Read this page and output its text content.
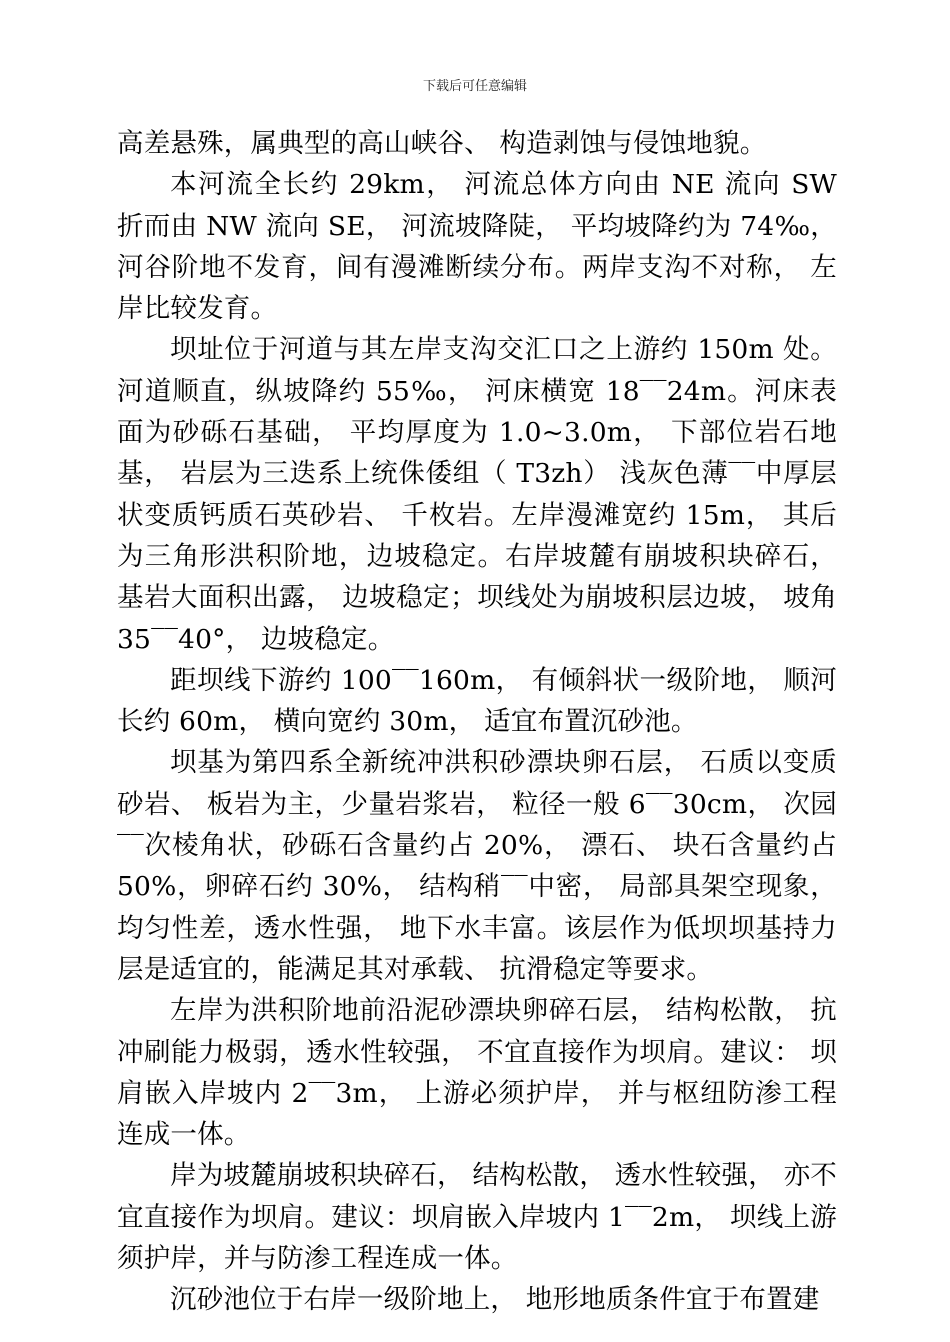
下载后可任意编辑

高差悬殊，属典型的高山峡谷、 构造剥蚀与侵蚀地貌。

本河流全长约 29km， 河流总体方向由 NE 流向 SW 折而由 NW 流向 SE， 河流坡降陡， 平均坡降约为 74‰， 河谷阶地不发育，间有漫滩断续分布。两岸支沟不对称， 左岸比较发育。

坝址位于河道与其左岸支沟交汇口之上游约 150m 处。河道顺直，纵坡降约 55‰， 河床横宽 18‾‾24m。河床表面为砂砾石基础， 平均厚度为 1.0~3.0m， 下部位岩石地基， 岩层为三迭系上统侏倭组（ T3zh） 浅灰色薄‾‾中厚层状变质钙质石英砂岩、 千枚岩。左岸漫滩宽约 15m， 其后为三角形洪积阶地，边坡稳定。右岸坡麓有崩坡积块碎石， 基岩大面积出露， 边坡稳定；坝线处为崩坡积层边坡， 坡角 35‾‾40°， 边坡稳定。

距坝线下游约 100‾‾160m， 有倾斜状一级阶地， 顺河长约 60m， 横向宽约 30m， 适宜布置沉砂池。

坝基为第四系全新统冲洪积砂漂块卵石层， 石质以变质砂岩、 板岩为主，少量岩浆岩， 粒径一般 6‾‾30cm， 次园‾‾次棱角状，砂砾石含量约占 20%， 漂石、 块石含量约占 50%，卵碎石约 30%， 结构稍‾‾中密， 局部具架空现象， 均匀性差，透水性强， 地下水丰富。该层作为低坝坝基持力层是适宜的，能满足其对承载、 抗滑稳定等要求。

左岸为洪积阶地前沿泥砂漂块卵碎石层， 结构松散， 抗冲刷能力极弱，透水性较强， 不宜直接作为坝肩。建议： 坝肩嵌入岸坡内 2‾‾3m， 上游必须护岸， 并与枢纽防渗工程连成一体。

岸为坡麓崩坡积块碎石， 结构松散， 透水性较强， 亦不宜直接作为坝肩。建议：坝肩嵌入岸坡内 1‾‾2m， 坝线上游须护岸，并与防渗工程连成一体。

沉砂池位于右岸一级阶地上， 地形地质条件宜于布置建
